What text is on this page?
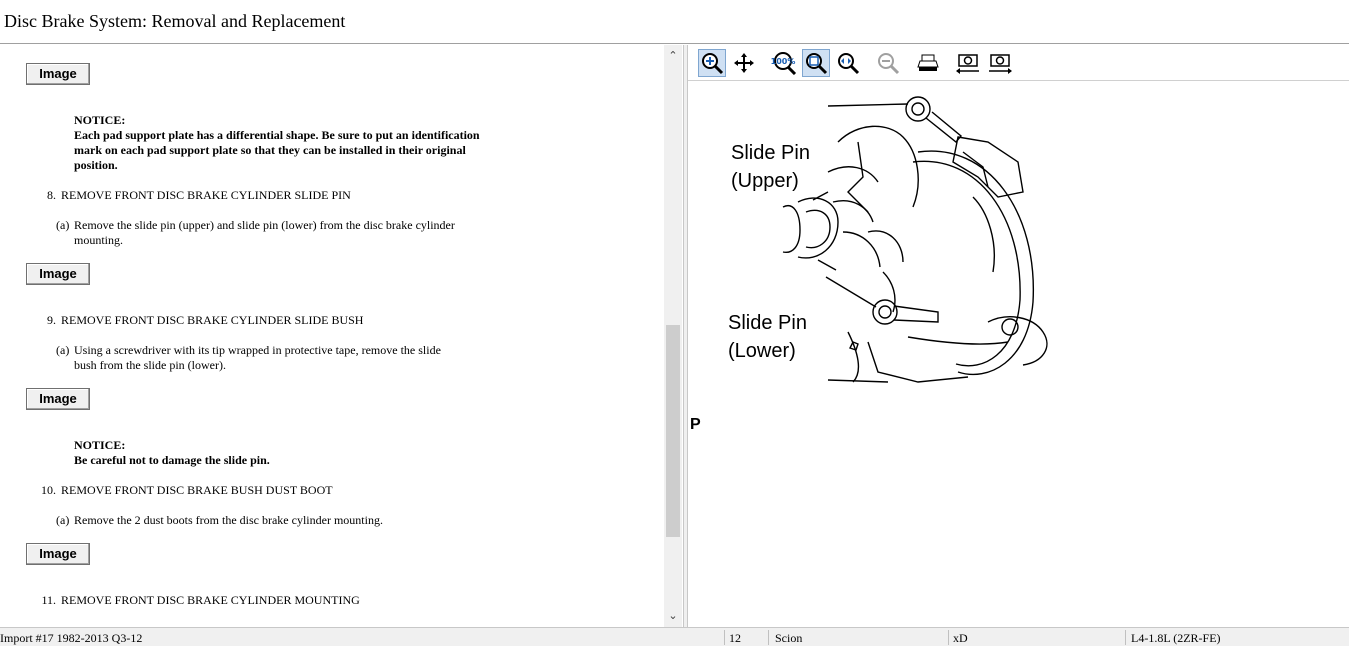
Disc Brake System: Removal and Replacement
Image
NOTICE:
Each pad support plate has a differential shape. Be sure to put an identification
mark on each pad support plate so that they can be installed in their original
position.
8. REMOVE FRONT DISC BRAKE CYLINDER SLIDE PIN
(a) Remove the slide pin (upper) and slide pin (lower) from the disc brake cylinder
mounting.
Image
9. REMOVE FRONT DISC BRAKE CYLINDER SLIDE BUSH
(a) Using a screwdriver with its tip wrapped in protective tape, remove the slide
bush from the slide pin (lower).
Image
NOTICE:
Be careful not to damage the slide pin.
10. REMOVE FRONT DISC BRAKE BUSH DUST BOOT
(a) Remove the 2 dust boots from the disc brake cylinder mounting.
Image
11. REMOVE FRONT DISC BRAKE CYLINDER MOUNTING
⌃
⌄
100%
Slide Pin
(Upper)
Slide Pin
(Lower)
P
Import #17 1982-2013 Q3-12	12	Scion	xD	L4-1.8L (2ZR-FE)
